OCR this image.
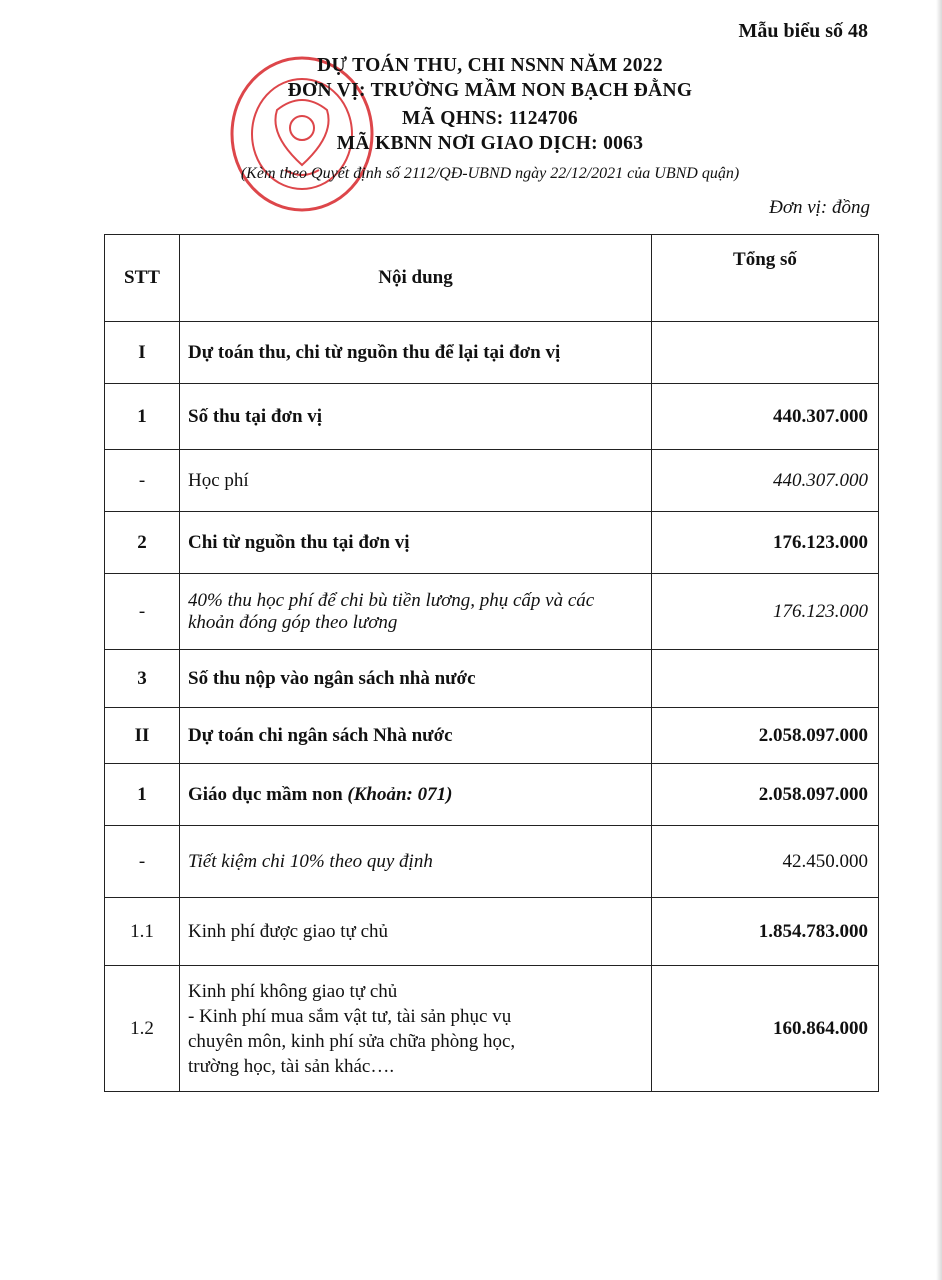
Mẫu biểu số 48
DỰ TOÁN THU, CHI NSNN NĂM 2022
ĐƠN VỊ: TRƯỜNG MẦM NON BẠCH ĐẰNG
MÃ QHNS: 1124706
MÃ KBNN NƠI GIAO DỊCH: 0063
(Kèm theo Quyết định số 2112/QĐ-UBND ngày 22/12/2021 của UBND quận)
Đơn vị: đồng
STT	Nội dung	Tổng số
I	Dự toán thu, chi từ nguồn thu để lại tại đơn vị	
1	Số thu tại đơn vị	440.307.000
-	Học phí	440.307.000
2	Chi từ nguồn thu tại đơn vị	176.123.000
-	40% thu học phí để chi bù tiền lương, phụ cấp và các khoản đóng góp theo lương	176.123.000
3	Số thu nộp vào ngân sách nhà nước	
II	Dự toán chi ngân sách Nhà nước	2.058.097.000
1	Giáo dục mầm non (Khoản: 071)	2.058.097.000
-	Tiết kiệm chi 10% theo quy định	42.450.000
1.1	Kinh phí được giao tự chủ	1.854.783.000
1.2	Kinh phí không giao tự chủ
- Kinh phí mua sắm vật tư, tài sản phục vụ
chuyên môn, kinh phí sửa chữa phòng học,
trường học, tài sản khác….	160.864.000
